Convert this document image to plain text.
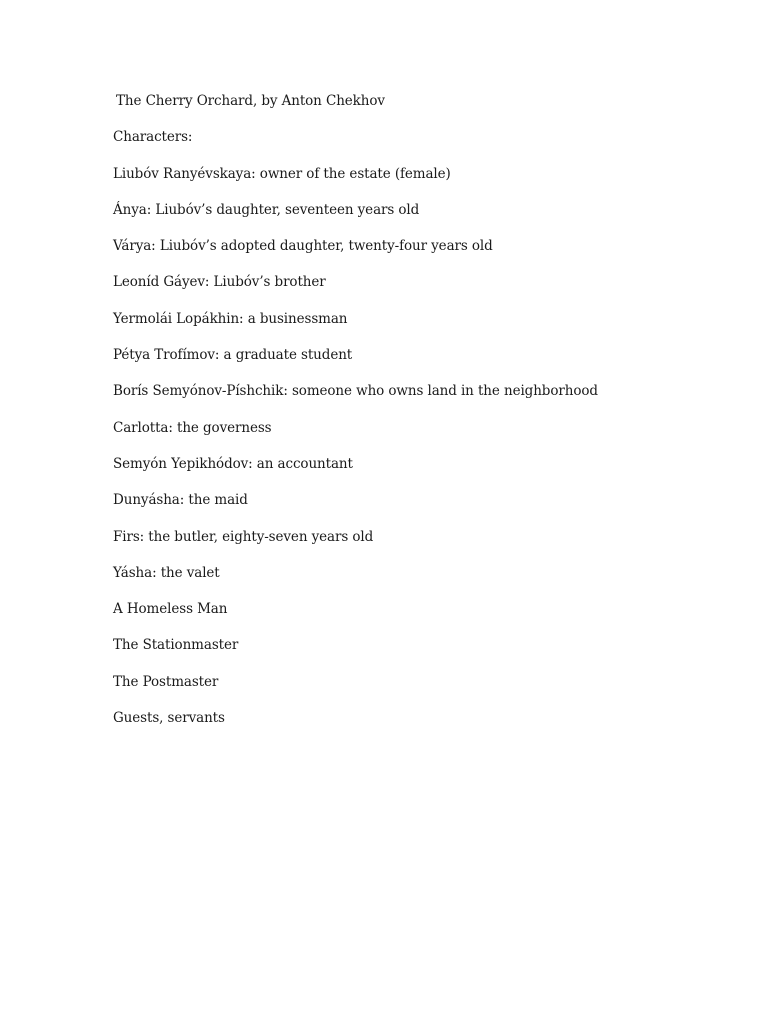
The Cherry Orchard, by Anton Chekhov
Characters:
Liubóv Ranyévskaya: owner of the estate (female)
Ánya: Liubóv’s daughter, seventeen years old
Várya: Liubóv’s adopted daughter, twenty-four years old
Leoníd Gáyev: Liubóv’s brother
Yermolái Lopákhin: a businessman
Pétya Trofímov: a graduate student
Borís Semyónov-Píshchik: someone who owns land in the neighborhood
Carlotta: the governess
Semyón Yepikhódov: an accountant
Dunyásha: the maid
Firs: the butler, eighty-seven years old
Yásha: the valet
A Homeless Man
The Stationmaster
The Postmaster
Guests, servants
